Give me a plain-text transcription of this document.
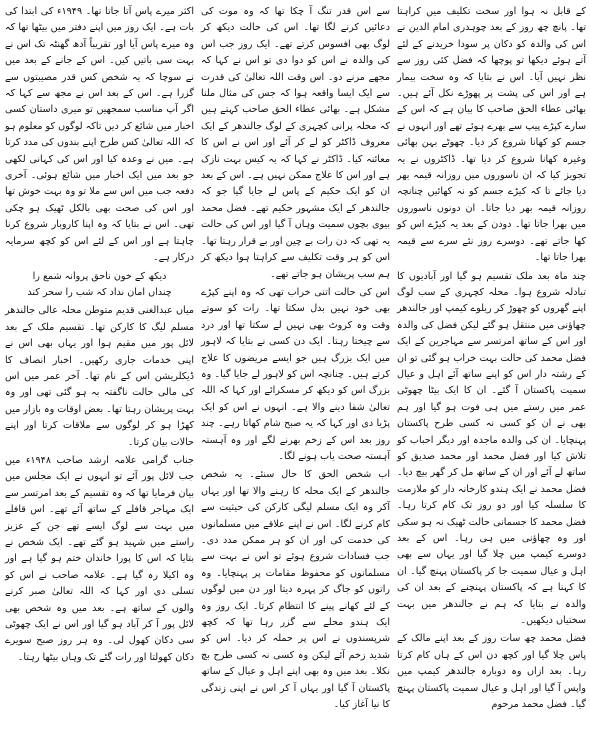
کے قابل نہ ہوا اور سخت تکلیف میں کراہتا تھا۔ پانچ چھ روز کے بعد چوہدری امام الدین نے اس کی والدہ کو دکان پر سودا خریدنے کے لئے آتے ہوئے دیکھا تو پوچھا کہ فضل کئی روز سے نظر نہیں آیا۔ اس نے بتایا کہ وہ سخت بیمار ہے اور اس کی پشت پر پھوڑے نکل آئے ہیں۔ بھائی عطاء الحق صاحب کا بیان ہے کہ اس کے سارے کپڑے پیپ سے بھرے ہوئے تھے اور انہوں نے جسم کو کھانا شروع کر دیا۔ چھوٹے بہن بھائی وغیرہ کھانا شروع کر دیا تھا۔ ڈاکٹروں نے یہ تجویز کیا کہ ان ناسوروں میں روزانہ قیمہ بھر دیا جائے تا کہ کیڑے جسم کو نہ کھائیں چنانچہ روزانہ قیمہ بھر دیا جاتا۔ ان دونوں ناسوروں میں بھرا جاتا تھا۔ دودن کے بعد یہ کیڑے اس کو کھا جاتے تھے۔ دوسرے روز نئے سرے سے قیمہ بھرا جاتا تھا۔

چند ماہ بعد ملک تقسیم ہو گیا اور آبادیوں کا تبادلہ شروع ہوا۔ محلہ کچہری کے سب لوگ اپنے گھروں کو چھوڑ کر ریلوے کیمپ اور جالندھر چھاؤنی میں منتقل ہو گئے لیکن فضل کی والدہ اور اس کے ساتھ امرتسر سے مہاجرین کے ایک فضل محمد کی حالت بہت خراب ہو گئی تو ان کے رشتہ دار اس کو اپنے ساتھ آئے اہل و عیال سمیت پاکستان آ گئے۔ ان کا ایک بیٹا چھوٹی عمر میں رستے میں ہی فوت ہو گیا اور ہم بھی نے ان کو کسی نہ کسی طرح پاکستان پہنچایا۔ ان کی والدہ ماجدہ اور دیگر احباب کو تلاش کیا اور فضل محمد اور محمد صدیق کو ساتھ لے آئے اور ان کے ساتھ مل کر گھر بیچ دیا۔ فضل محمد نے ایک ہندو کارخانہ دار کو ملازمت کا سلسلہ کیا اور دو روز تک کام کرتا رہا۔ فضل محمد کا جسمانی حالت ٹھیک نہ ہو سکی اور وہ چھاؤنی میں ہی رہا۔ اس کے بعد دوسرے کیمپ میں چلا گیا اور یہاں سے بھی اہل و عیال سمیت جا کر پاکستان پہنچ گیا۔ ان کا کہنا ہے کہ پاکستان پہنچنے کے بعد ان کی والدہ نے بتایا کہ ہم نے جالندھر میں بہت سختیاں دیکھیں۔

فضل محمد چھ سات روز کے بعد اپنے مالک کے پاس چلا گیا اور کچھ دن اس کے ہاں کام کرتا رہا۔ بعد ازاں وہ دوبارہ جالندھر کیمپ میں واپس آ گیا اور اہل و عیال سمیت پاکستان پہنچ گیا۔ فضل محمد مرحوم

سے اس قدر تنگ آ چکا تھا کہ وہ موت کی دعائیں کرنے لگا تھا۔ اس کی حالت دیکھ کر لوگ بھی افسوس کرتے تھے۔ ایک روز جب اس کی والدہ نے اس کو دوا دی تو اس نے کہا کہ مجھے مرنے دو۔ اس وقت اللہ تعالیٰ کی قدرت سے ایک ایسا واقعہ ہوا کہ جس کی مثال ملنا مشکل ہے۔ بھائی عطاء الحق صاحب کہتے ہیں کہ محلہ پرانی کچہری کے لوگ جالندھر کے ایک معروف ڈاکٹر کو لے کر آئے اور اس نے اس کا معائنہ کیا۔ ڈاکٹر نے کہا کہ یہ کیس بہت نازک ہے اور اس کا علاج ممکن نہیں ہے۔ اس کے بعد ان کو ایک حکیم کے پاس لے جایا گیا جو کہ جالندھر کے ایک مشہور حکیم تھے۔ فضل محمد بیوی بچوں سمیت وہاں آ گیا اور اس کی حالت یہ تھی کہ دن رات بے چین اور بے قرار رہتا تھا۔ اس کو ہر وقت تکلیف سے کراہتا ہوا دیکھ کر ہم سب پریشان ہو جاتے تھے۔

اس کی حالت اتنی خراب تھی کہ وہ اپنے کپڑے بھی خود نہیں بدل سکتا تھا۔ رات کو سوتے وقت وہ کروٹ بھی نہیں لے سکتا تھا اور درد سے چیختا رہتا۔ ایک دن کسی نے بتایا کہ لاہور میں ایک بزرگ ہیں جو ایسے مریضوں کا علاج کرتے ہیں۔ چنانچہ اس کو لاہور لے جایا گیا۔ وہ بزرگ اس کو دیکھ کر مسکرائے اور کہا کہ اللہ تعالیٰ شفا دینے والا ہے۔ انہوں نے اس کو ایک پڑیا دی اور کہا کہ یہ صبح شام کھاتا رہے۔ چند روز بعد اس کے زخم بھرنے لگے اور وہ آہستہ آہستہ صحت یاب ہونے لگا۔

اب شخص الحق کا حال سنئے۔ یہ شخص جالندھر کے ایک محلہ کا رہنے والا تھا اور یہاں آکر وہ ایک مسلم لیگی کارکن کی حیثیت سے کام کرنے لگا۔ اس نے اپنے علاقے میں مسلمانوں کی خدمت کی اور ان کو ہر ممکن مدد دی۔ جب فسادات شروع ہوئے تو اس نے بہت سے مسلمانوں کو محفوظ مقامات پر پہنچایا۔ وہ راتوں کو جاگ کر پہرہ دیتا اور دن میں لوگوں کے لئے کھانے پینے کا انتظام کرتا۔ ایک روز وہ ایک ہندو محلے سے گزر رہا تھا کہ کچھ شرپسندوں نے اس پر حملہ کر دیا۔ اس کو شدید زخم آئے لیکن وہ کسی نہ کسی طرح بچ نکلا۔ بعد میں وہ بھی اپنے اہل و عیال کے ساتھ پاکستان آ گیا اور یہاں آ کر اس نے اپنی زندگی کا نیا آغاز کیا۔

اکثر میرے پاس آتا جاتا تھا۔ ۱۹۴۹ء کی ابتدا کی بات ہے۔ ایک روز میں اپنے دفتر میں بیٹھا تھا کہ وہ میرے پاس آیا اور تقریباً آدھ گھنٹہ تک اس نے بہت سی باتیں کیں۔ اس کے جانے کے بعد میں نے سوچا کہ یہ شخص کس قدر مصیبتوں سے گزرا ہے۔ اس کے بعد اس نے مجھ سے کہا کہ اگر آپ مناسب سمجھیں تو میری داستان کسی اخبار میں شائع کر دیں تاکہ لوگوں کو معلوم ہو کہ اللہ تعالیٰ کس طرح اپنے بندوں کی مدد کرتا ہے۔ میں نے وعدہ کیا اور اس کی کہانی لکھی جو بعد میں ایک اخبار میں شائع ہوئی۔ آخری دفعہ جب میں اس سے ملا تو وہ بہت خوش تھا اور اس کی صحت بھی بالکل ٹھیک ہو چکی تھی۔ اس نے بتایا کہ وہ اپنا کاروبار شروع کرنا چاہتا ہے اور اس کے لئے اس کو کچھ سرمایہ درکار ہے۔

دیکھ کے خون ناحق پروانہ شمع را
چنداں امان نداد کہ شب را سحر کند

میاں عبدالغنی قدیم متوطن محلہ عالی جالندھر مسلم لیگ کا کارکن تھا۔ تقسیم ملک کے بعد لائل پور میں مقیم ہوا اور یہاں بھی اس نے اپنی خدمات جاری رکھیں۔ اخبار انصاف کا ڈیکلریشن اس کے نام تھا۔ آخر عمر میں اس کی مالی حالت ناگفتہ بہ ہو گئی تھی اور وہ بہت پریشان رہتا تھا۔ بعض اوقات وہ بازار میں کھڑا ہو کر لوگوں سے ملاقات کرتا اور اپنے حالات بیان کرتا۔

جناب گرامی علامہ ارشد صاحب ۱۹۴۸ء میں جب لائل پور آئے تو انہوں نے ایک مجلس میں بیان فرمایا تھا کہ وہ تقسیم کے بعد امرتسر سے ایک مہاجر قافلے کے ساتھ آئے تھے۔ اس قافلے میں بہت سے لوگ ایسے تھے جن کے عزیز راستے میں شہید ہو گئے تھے۔ ایک شخص نے بتایا کہ اس کا پورا خاندان ختم ہو گیا ہے اور وہ اکیلا رہ گیا ہے۔ علامہ صاحب نے اس کو تسلی دی اور کہا کہ اللہ تعالیٰ صبر کرنے والوں کے ساتھ ہے۔ بعد میں وہ شخص بھی لائل پور آ کر آباد ہو گیا اور اس نے ایک چھوٹی سی دکان کھول لی۔ وہ ہر روز صبح سویرے دکان کھولتا اور رات گئے تک وہاں بیٹھا رہتا۔
